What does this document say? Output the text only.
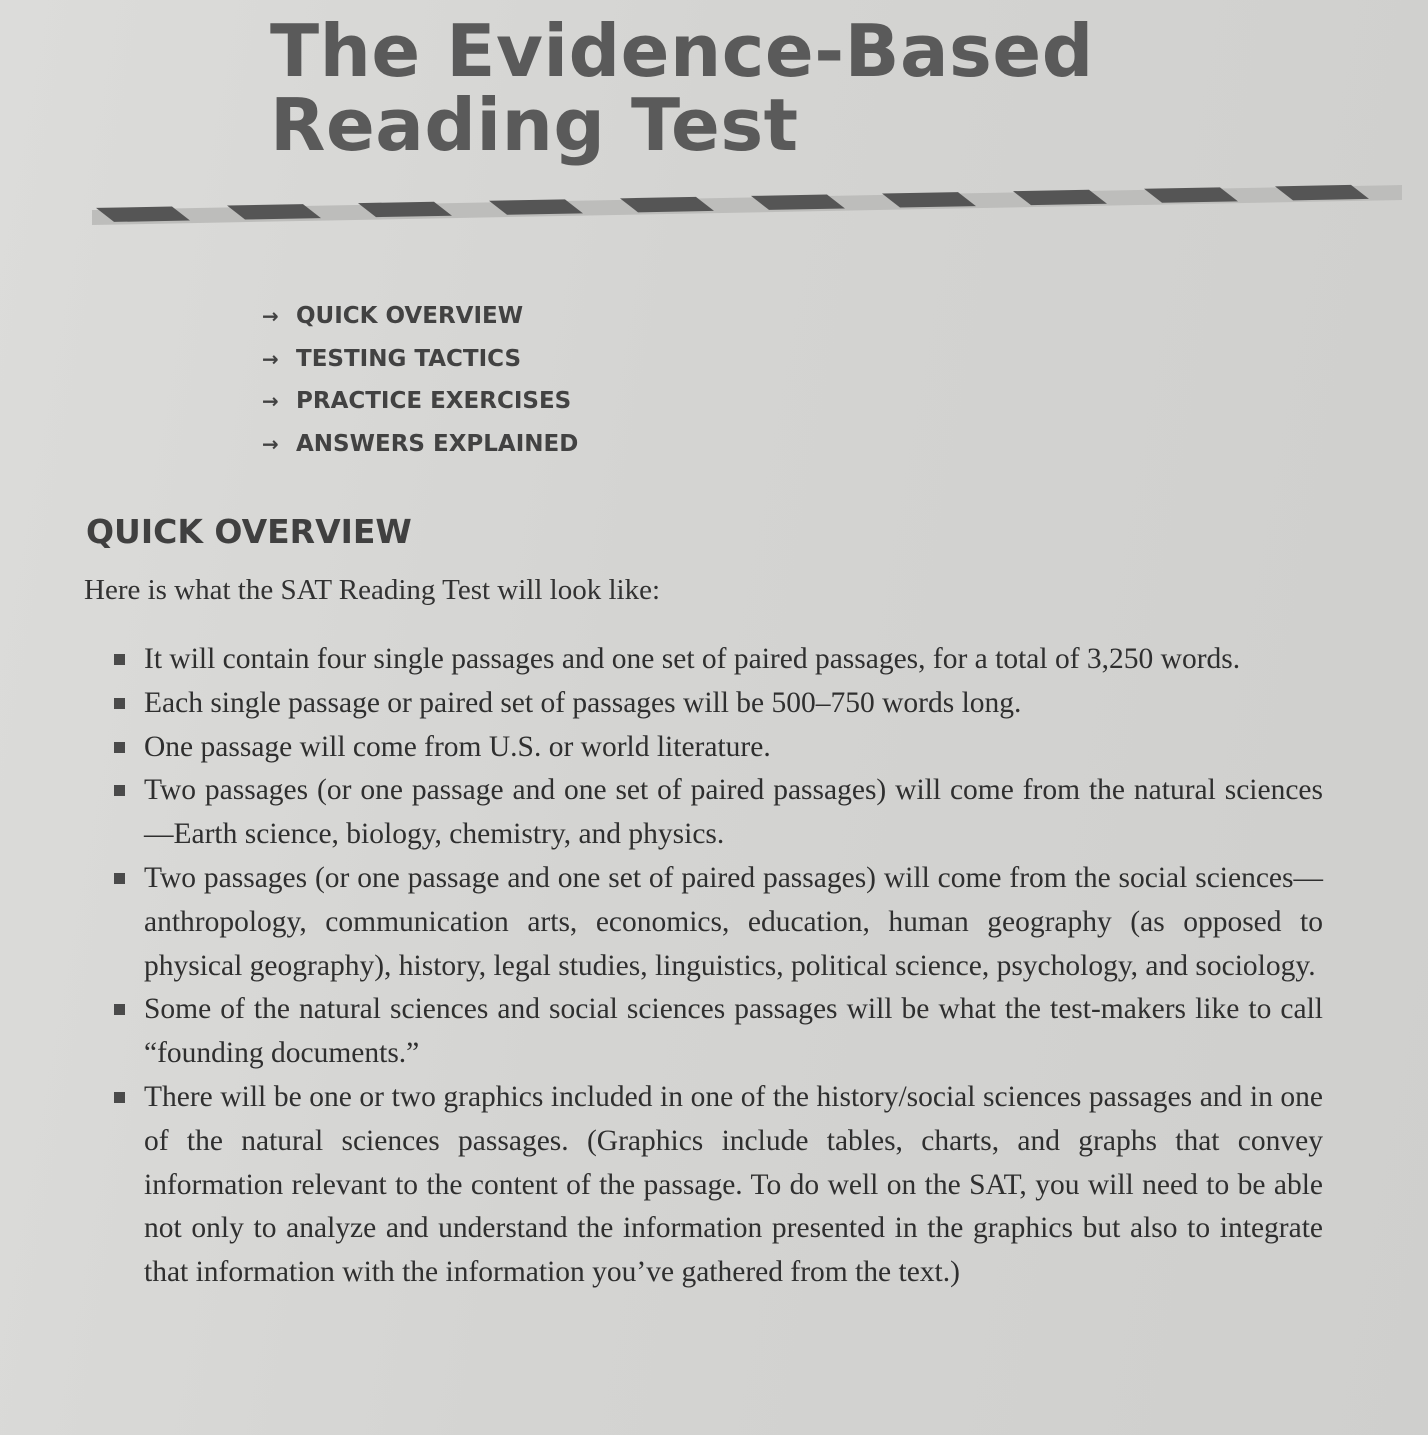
The Evidence-Based
Reading Test
→ QUICK OVERVIEW
→ TESTING TACTICS
→ PRACTICE EXERCISES
→ ANSWERS EXPLAINED
QUICK OVERVIEW

Here is what the SAT Reading Test will look like:

It will contain four single passages and one set of paired passages, for a total of 3,250 words.
Each single passage or paired set of passages will be 500–750 words long.
One passage will come from U.S. or world literature.
Two passages (or one passage and one set of paired passages) will come from the natural sciences—Earth science, biology, chemistry, and physics.
Two passages (or one passage and one set of paired passages) will come from the social sciences—anthropology, communication arts, economics, education, human geography (as opposed to physical geography), history, legal studies, linguistics, political science, psychology, and sociology.
Some of the natural sciences and social sciences passages will be what the test-makers like to call “founding documents.”
There will be one or two graphics included in one of the history/social sciences passages and in one of the natural sciences passages. (Graphics include tables, charts, and graphs that convey information relevant to the content of the passage. To do well on the SAT, you will need to be able not only to analyze and understand the information presented in the graphics but also to integrate that information with the information you’ve gathered from the text.)
